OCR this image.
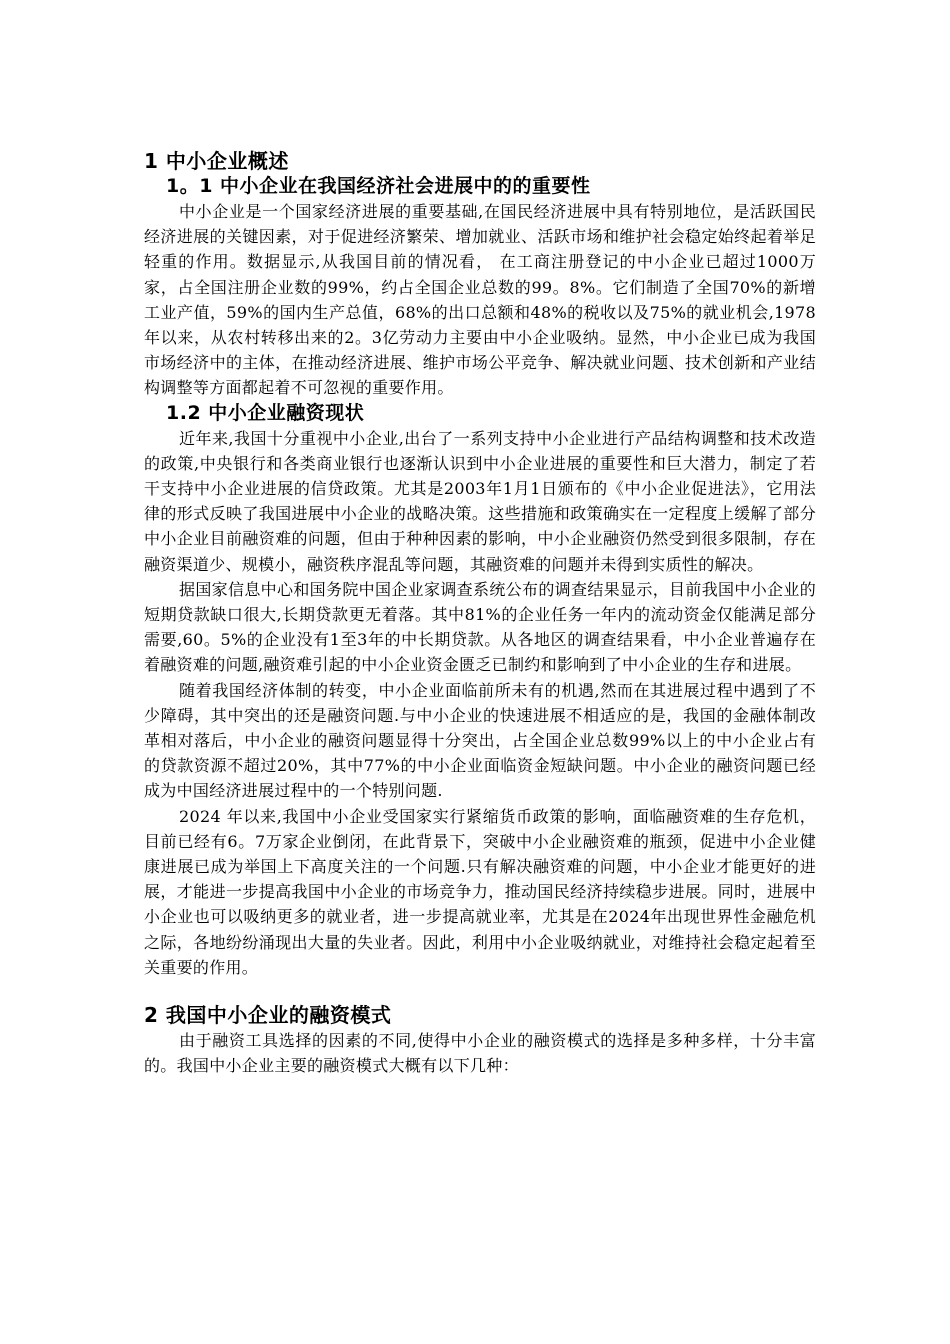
1 中小企业概述
1。1 中小企业在我国经济社会进展中的的重要性

中小企业是一个国家经济进展的重要基础,在国民经济进展中具有特别地位，是活跃国民经济进展的关键因素，对于促进经济繁荣、增加就业、活跃市场和维护社会稳定始终起着举足轻重的作用。数据显示,从我国目前的情况看， 在工商注册登记的中小企业已超过1000万家，占全国注册企业数的99%，约占全国企业总数的99。8%。它们制造了全国70%的新增工业产值，59%的国内生产总值，68%的出口总额和48%的税收以及75%的就业机会,1978年以来，从农村转移出来的2。3亿劳动力主要由中小企业吸纳。显然，中小企业已成为我国市场经济中的主体，在推动经济进展、维护市场公平竞争、解决就业问题、技术创新和产业结构调整等方面都起着不可忽视的重要作用。

1.2 中小企业融资现状

近年来,我国十分重视中小企业,出台了一系列支持中小企业进行产品结构调整和技术改造的政策,中央银行和各类商业银行也逐渐认识到中小企业进展的重要性和巨大潜力，制定了若干支持中小企业进展的信贷政策。尤其是2003年1月1日颁布的《中小企业促进法》，它用法律的形式反映了我国进展中小企业的战略决策。这些措施和政策确实在一定程度上缓解了部分中小企业目前融资难的问题，但由于种种因素的影响，中小企业融资仍然受到很多限制，存在融资渠道少、规模小，融资秩序混乱等问题，其融资难的问题并未得到实质性的解决。

据国家信息中心和国务院中国企业家调查系统公布的调查结果显示，目前我国中小企业的短期贷款缺口很大,长期贷款更无着落。其中81%的企业任务一年内的流动资金仅能满足部分需要,60。5%的企业没有1至3年的中长期贷款。从各地区的调查结果看，中小企业普遍存在着融资难的问题,融资难引起的中小企业资金匮乏已制约和影响到了中小企业的生存和进展。

随着我国经济体制的转变，中小企业面临前所未有的机遇,然而在其进展过程中遇到了不少障碍，其中突出的还是融资问题.与中小企业的快速进展不相适应的是，我国的金融体制改革相对落后，中小企业的融资问题显得十分突出，占全国企业总数99%以上的中小企业占有的贷款资源不超过20%，其中77%的中小企业面临资金短缺问题。中小企业的融资问题已经成为中国经济进展过程中的一个特别问题.

2024 年以来,我国中小企业受国家实行紧缩货币政策的影响，面临融资难的生存危机，目前已经有6。7万家企业倒闭，在此背景下，突破中小企业融资难的瓶颈，促进中小企业健康进展已成为举国上下高度关注的一个问题.只有解决融资难的问题，中小企业才能更好的进展，才能进一步提高我国中小企业的市场竞争力，推动国民经济持续稳步进展。同时，进展中小企业也可以吸纳更多的就业者，进一步提高就业率，尤其是在2024年出现世界性金融危机之际，各地纷纷涌现出大量的失业者。因此，利用中小企业吸纳就业，对维持社会稳定起着至关重要的作用。

2 我国中小企业的融资模式

由于融资工具选择的因素的不同,使得中小企业的融资模式的选择是多种多样，十分丰富的。我国中小企业主要的融资模式大概有以下几种：
